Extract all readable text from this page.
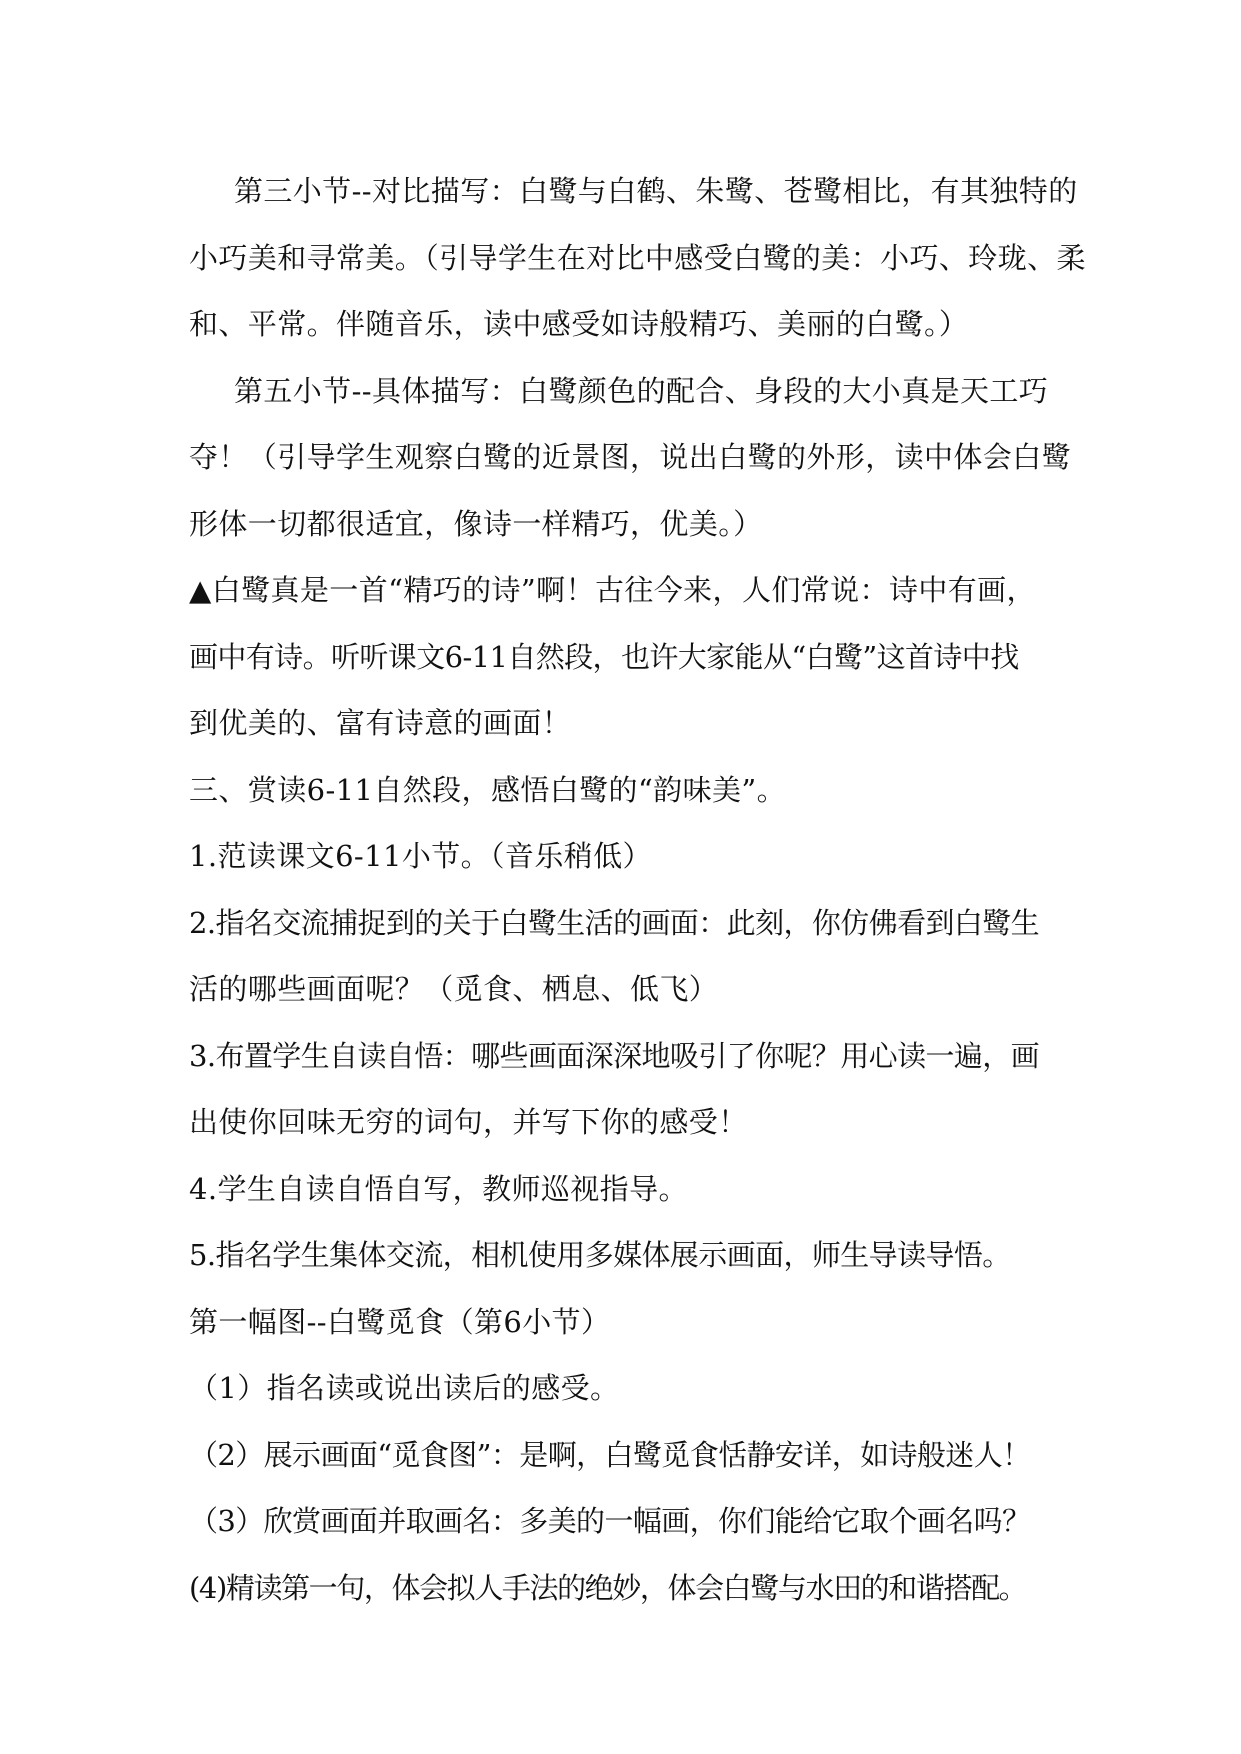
第三小节--对比描写：白鹭与白鹤、朱鹭、苍鹭相比，有其独特的
小巧美和寻常美。（引导学生在对比中感受白鹭的美：小巧、玲珑、柔
和、平常。伴随音乐，读中感受如诗般精巧、美丽的白鹭。）
第五小节--具体描写：白鹭颜色的配合、身段的大小真是天工巧
夺！（引导学生观察白鹭的近景图，说出白鹭的外形，读中体会白鹭
形体一切都很适宜，像诗一样精巧，优美。）
▲白鹭真是一首“精巧的诗”啊！古往今来，人们常说：诗中有画，
画中有诗。听听课文6-11自然段，也许大家能从“白鹭”这首诗中找
到优美的、富有诗意的画面！
三、赏读6-11自然段，感悟白鹭的“韵味美”。
1.范读课文6-11小节。（音乐稍低）
2.指名交流捕捉到的关于白鹭生活的画面：此刻，你仿佛看到白鹭生
活的哪些画面呢？（觅食、栖息、低飞）
3.布置学生自读自悟：哪些画面深深地吸引了你呢？用心读一遍，画
出使你回味无穷的词句，并写下你的感受！
4.学生自读自悟自写，教师巡视指导。
5.指名学生集体交流，相机使用多媒体展示画面，师生导读导悟。
第一幅图--白鹭觅食（第6小节）
（1）指名读或说出读后的感受。
（2）展示画面“觅食图”：是啊，白鹭觅食恬静安详，如诗般迷人！
（3）欣赏画面并取画名：多美的一幅画，你们能给它取个画名吗？
(4)精读第一句，体会拟人手法的绝妙，体会白鹭与水田的和谐搭配。
